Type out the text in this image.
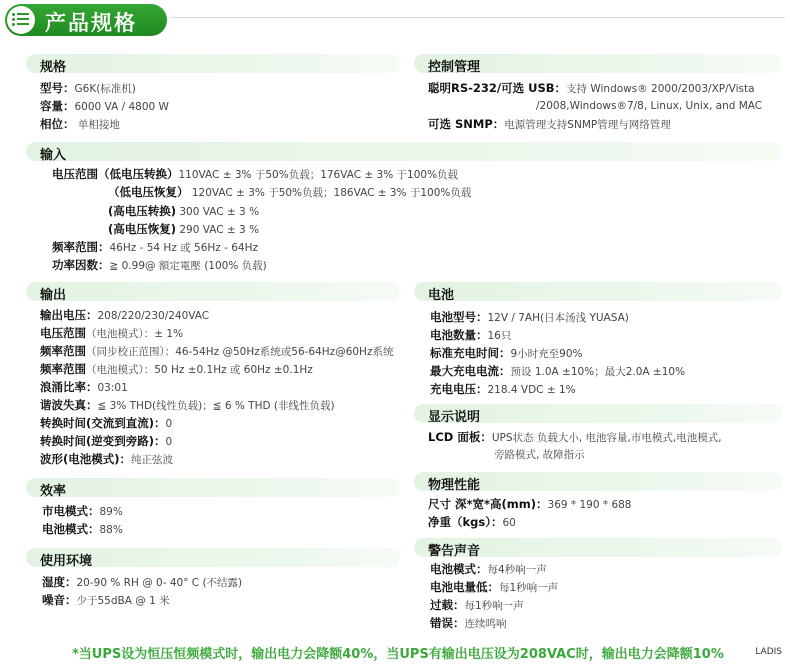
产品规格
规格
型号：G6K(标准机)
容量：6000 VA / 4800 W
相位： 单相接地
控制管理
聪明RS-232/可选 USB：支持 Windows® 2000/2003/XP/Vista
/2008,Windows®7/8, Linux, Unix, and MAC
可选 SNMP：电源管理支持SNMP管理与网络管理
输入
电压范围（低电压转换）110VAC ± 3% 于50%负载；176VAC ± 3% 于100%负载
（低电压恢复） 120VAC ± 3% 于50%负载；186VAC ± 3% 于100%负载
(高电压转换) 300 VAC ± 3 %
(高电压恢复) 290 VAC ± 3 %
频率范围：46Hz - 54 Hz 或 56Hz - 64Hz
功率因数：≧ 0.99@ 額定電壓 (100% 负载)
输出
输出电压：208/220/230/240VAC
电压范围（电池模式）：± 1%
频率范围（同步校正范围）：46-54Hz @50Hz系统或56-64Hz@60Hz系统
频率范围（电池模式）：50 Hz ±0.1Hz 或 60Hz ±0.1Hz
浪涌比率：03:01
谐波失真：≦ 3% THD(线性负载)；≦ 6 % THD (非线性负载)
转换时间(交流到直流)：0
转换时间(逆变到旁路)：0
波形(电池模式)：纯正弦波
电池
电池型号：12V / 7AH(日本汤浅 YUASA)
电池数量：16只
标准充电时间：9小时充至90%
最大充电电流：预设 1.0A ±10%；最大2.0A ±10%
充电电压：218.4 VDC ± 1%
显示说明
LCD 面板：UPS状态 负载大小, 电池容量,市电模式,电池模式,
旁路模式, 故障指示
效率
市电模式：89%
电池模式：88%
物理性能
尺寸 深*宽*高(mm)：369 * 190 * 688
净重（kgs）：60
使用环境
湿度：20-90 % RH @ 0- 40° C (不结露)
噪音：少于55dBA @ 1 米
警告声音
电池模式：每4秒响一声
电池电量低：每1秒响一声
过载：每1秒响一声
错误：连续鸣响
*当UPS设为恒压恒频模式时，输出电力会降额40%，当UPS有输出电压设为208VAC时，输出电力会降额10%	LADIS
